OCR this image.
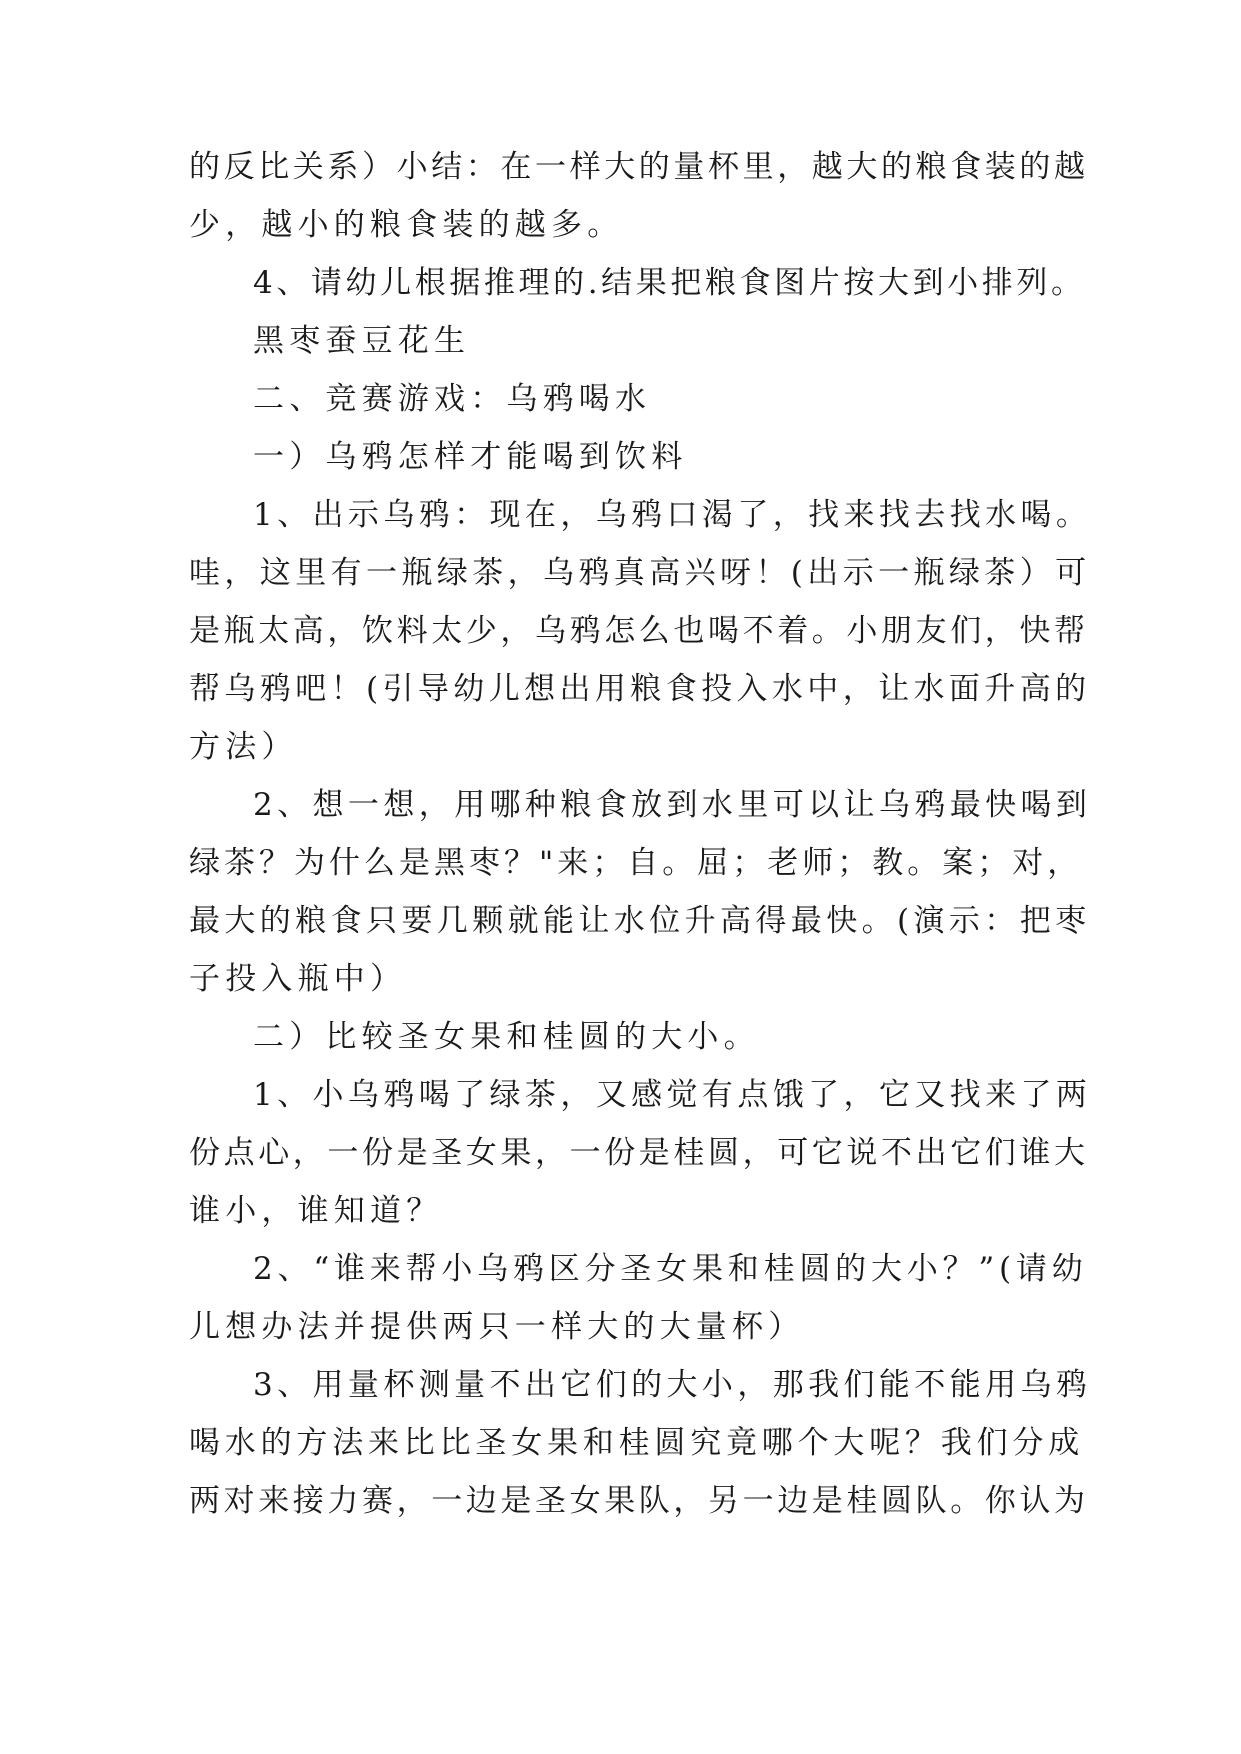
的反比关系）小结：在一样大的量杯里，越大的粮食装的越
少，越小的粮食装的越多。
4、请幼儿根据推理的.结果把粮食图片按大到小排列。
黑枣蚕豆花生
二、竞赛游戏：乌鸦喝水
一）乌鸦怎样才能喝到饮料
1、出示乌鸦：现在，乌鸦口渴了，找来找去找水喝。
哇，这里有一瓶绿茶，乌鸦真高兴呀！(出示一瓶绿茶）可
是瓶太高，饮料太少，乌鸦怎么也喝不着。小朋友们，快帮
帮乌鸦吧！(引导幼儿想出用粮食投入水中，让水面升高的
方法）
2、想一想，用哪种粮食放到水里可以让乌鸦最快喝到
绿茶？为什么是黑枣？"来；自。屈；老师；教。案；对，
最大的粮食只要几颗就能让水位升高得最快。(演示：把枣
子投入瓶中）
二）比较圣女果和桂圆的大小。
1、小乌鸦喝了绿茶，又感觉有点饿了，它又找来了两
份点心，一份是圣女果，一份是桂圆，可它说不出它们谁大
谁小，谁知道？
2、“谁来帮小乌鸦区分圣女果和桂圆的大小？”(请幼
儿想办法并提供两只一样大的大量杯）
3、用量杯测量不出它们的大小，那我们能不能用乌鸦
喝水的方法来比比圣女果和桂圆究竟哪个大呢？我们分成
两对来接力赛，一边是圣女果队，另一边是桂圆队。你认为
